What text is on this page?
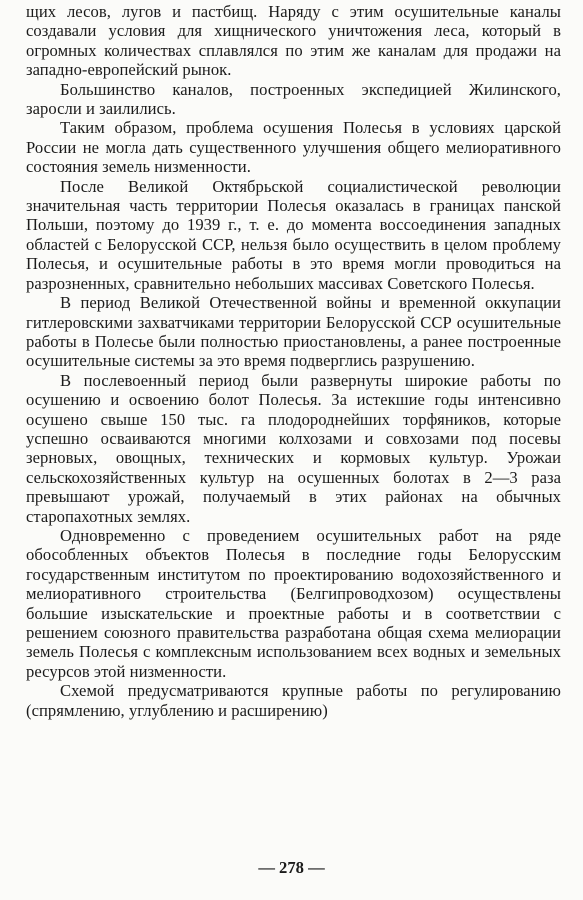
щих лесов, лугов и пастбищ. Наряду с этим осушительные каналы создавали условия для хищнического уничтожения леса, который в огромных количествах сплавлялся по этим же каналам для продажи на западно-европейский рынок.

Большинство каналов, построенных экспедицией Жилинского, заросли и заилились.

Таким образом, проблема осушения Полесья в условиях царской России не могла дать существенного улучшения общего мелиоративного состояния земель низменности.

После Великой Октябрьской социалистической революции значительная часть территории Полесья оказалась в границах панской Польши, поэтому до 1939 г., т. е. до момента воссоединения западных областей с Белорусской ССР, нельзя было осуществить в целом проблему Полесья, и осушительные работы в это время могли проводиться на разрозненных, сравнительно небольших массивах Советского Полесья.

В период Великой Отечественной войны и временной оккупации гитлеровскими захватчиками территории Белорусской ССР осушительные работы в Полесье были полностью приостановлены, а ранее построенные осушительные системы за это время подверглись разрушению.

В послевоенный период были развернуты широкие работы по осушению и освоению болот Полесья. За истекшие годы интенсивно осушено свыше 150 тыс. га плодороднейших торфяников, которые успешно осваиваются многими колхозами и совхозами под посевы зерновых, овощных, технических и кормовых культур. Урожаи сельскохозяйственных культур на осушенных болотах в 2—3 раза превышают урожай, получаемый в этих районах на обычных старопахотных землях.

Одновременно с проведением осушительных работ на ряде обособленных объектов Полесья в последние годы Белорусским государственным институтом по проектированию водохозяйственного и мелиоративного строительства (Белгипроводхозом) осуществлены большие изыскательские и проектные работы и в соответствии с решением союзного правительства разработана общая схема мелиорации земель Полесья с комплексным использованием всех водных и земельных ресурсов этой низменности.

Схемой предусматриваются крупные работы по регулированию (спрямлению, углублению и расширению)

— 278 —
